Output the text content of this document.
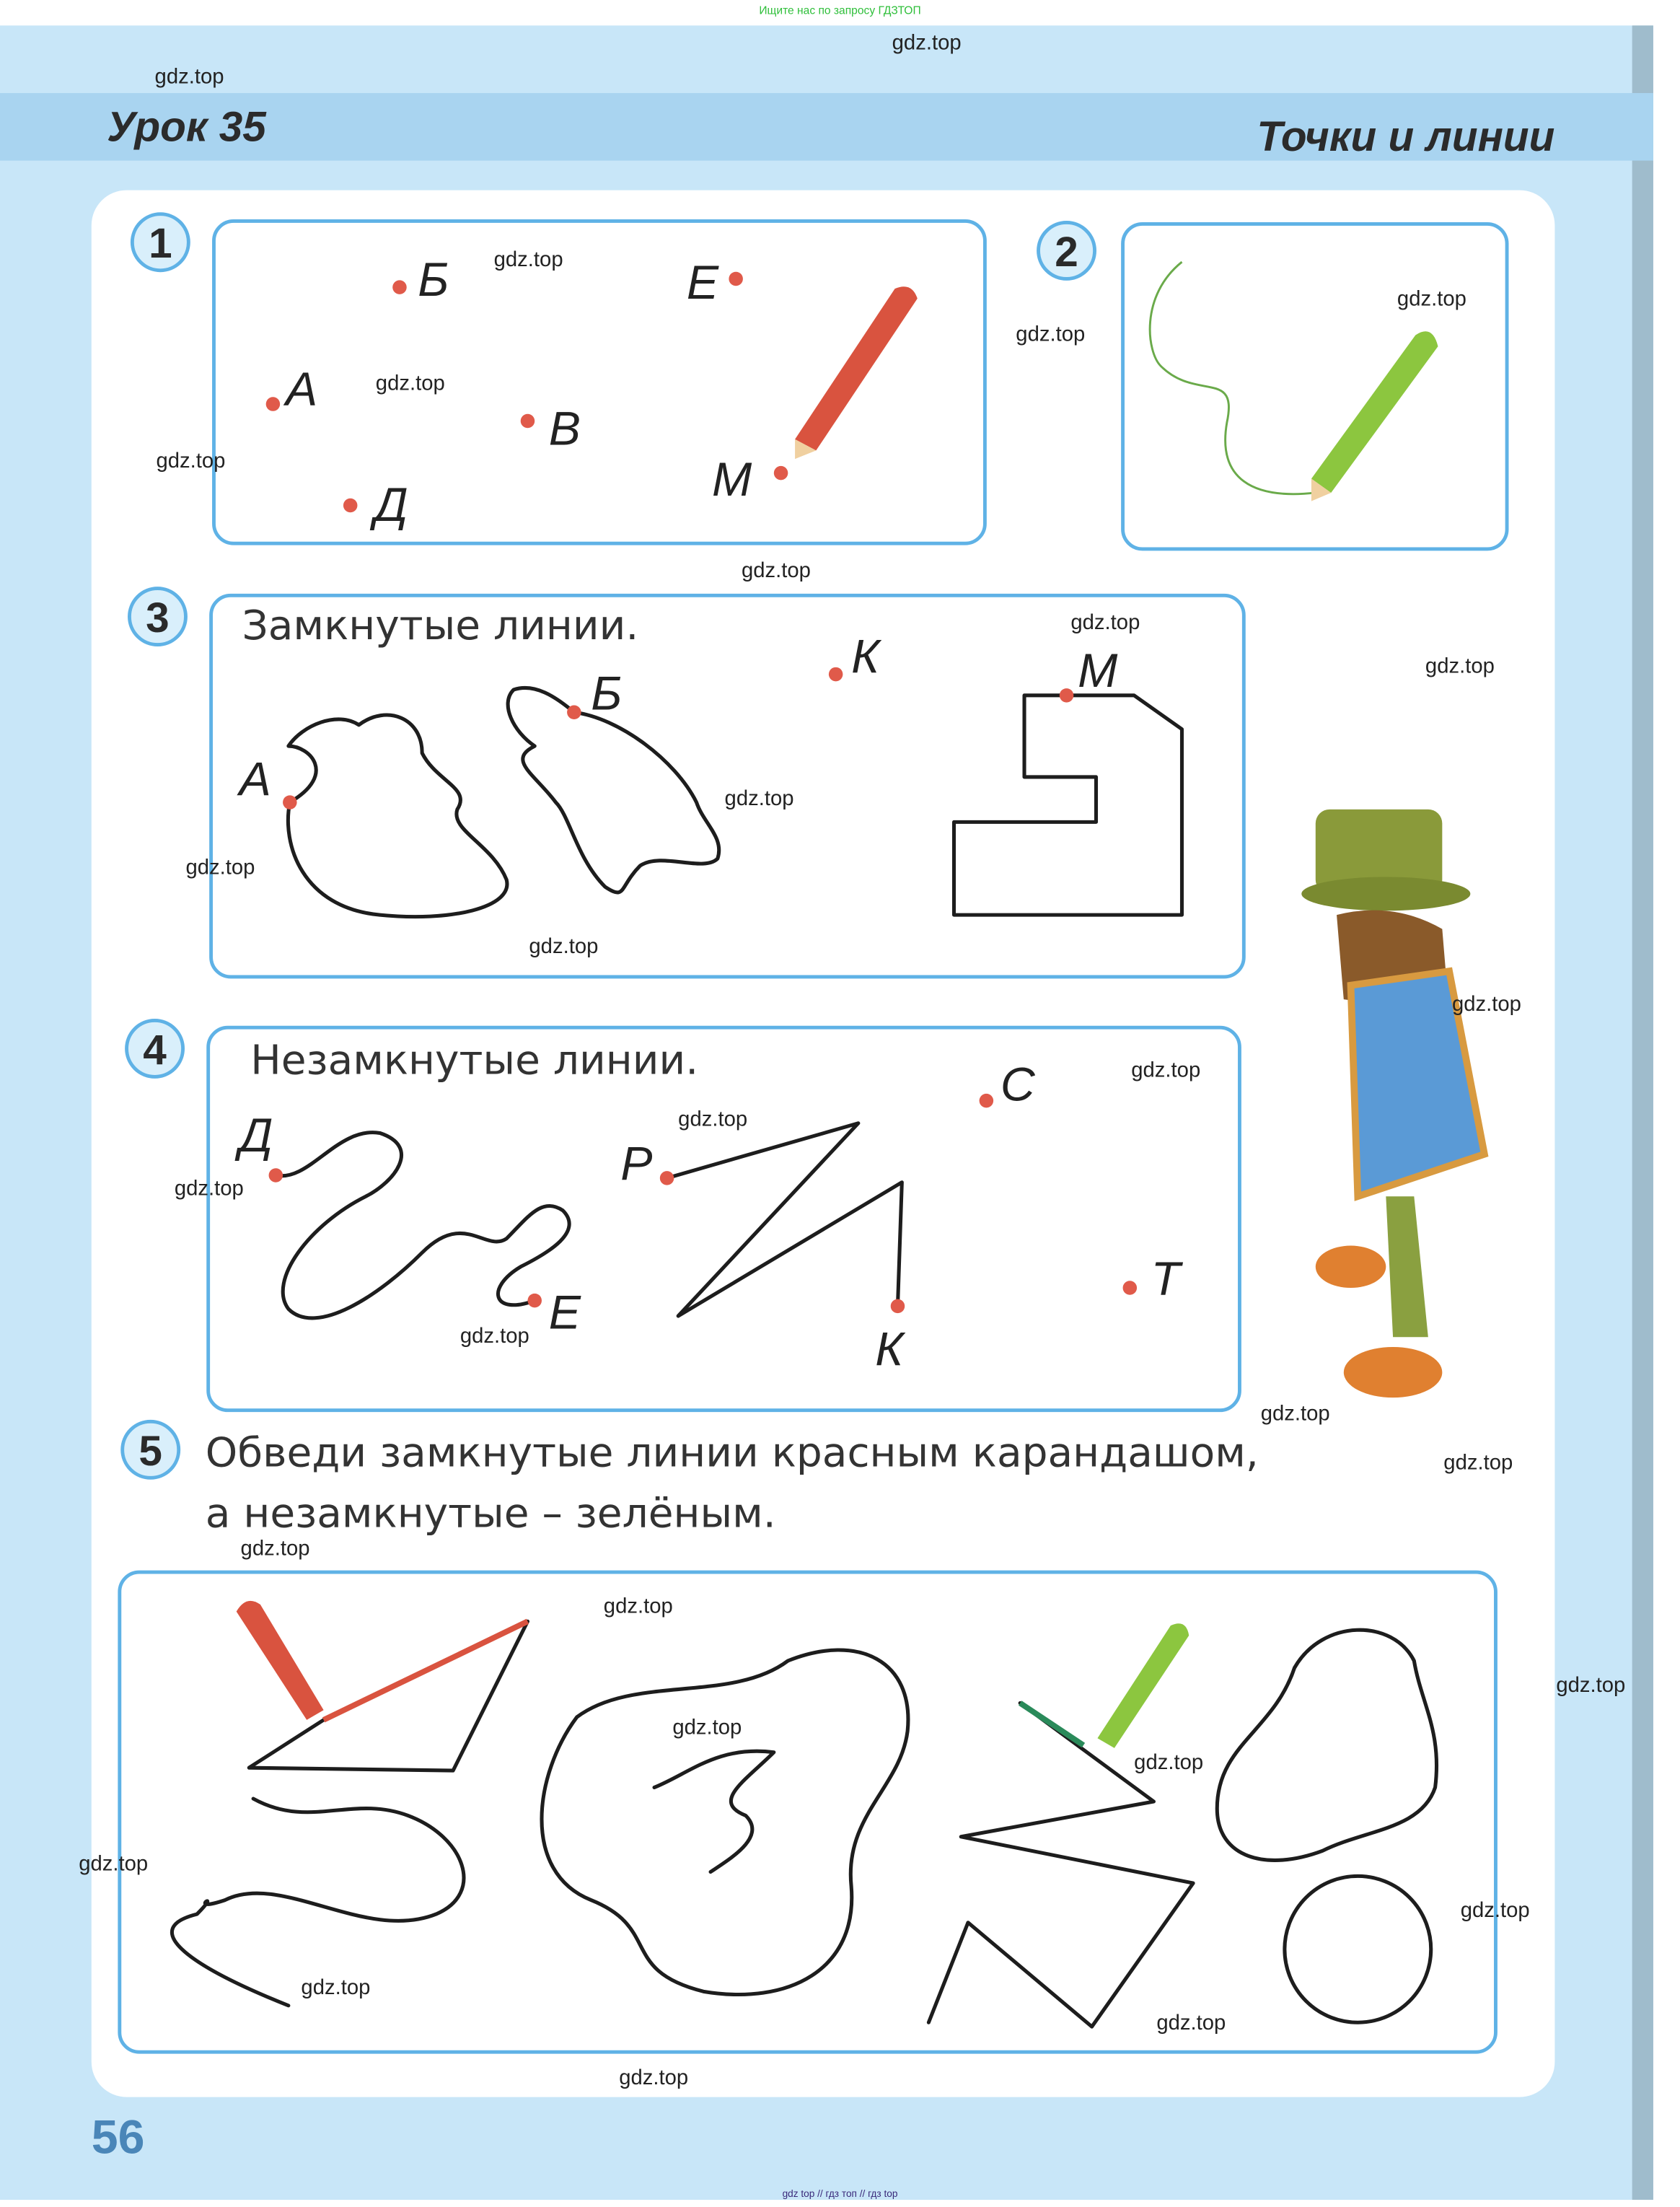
Ищите нас по запросу ГДЗТОП
gdz top // гдз топ // гдз top
Урок 35	Точки и линии
1
Б	Е
А
В
М
Д
2
3	Замкнутые линии.
А
Б
К	М
4	Незамкнутые линии.
Д
Е
Р
К
С
Т
5 Обведи замкнутые линии красным карандашом,
а незамкнутые – зелёным.
56
gdz.top
gdz.top
gdz.top
gdz.top
gdz.top
gdz.top
gdz.top
gdz.top
gdz.top
gdz.top
gdz.top
gdz.top
gdz.top
gdz.top
gdz.top
gdz.top
gdz.top
gdz.top
gdz.top
gdz.top
gdz.top
gdz.top
gdz.top
gdz.top
gdz.top
gdz.top
gdz.top
gdz.top
gdz.top
gdz.top
